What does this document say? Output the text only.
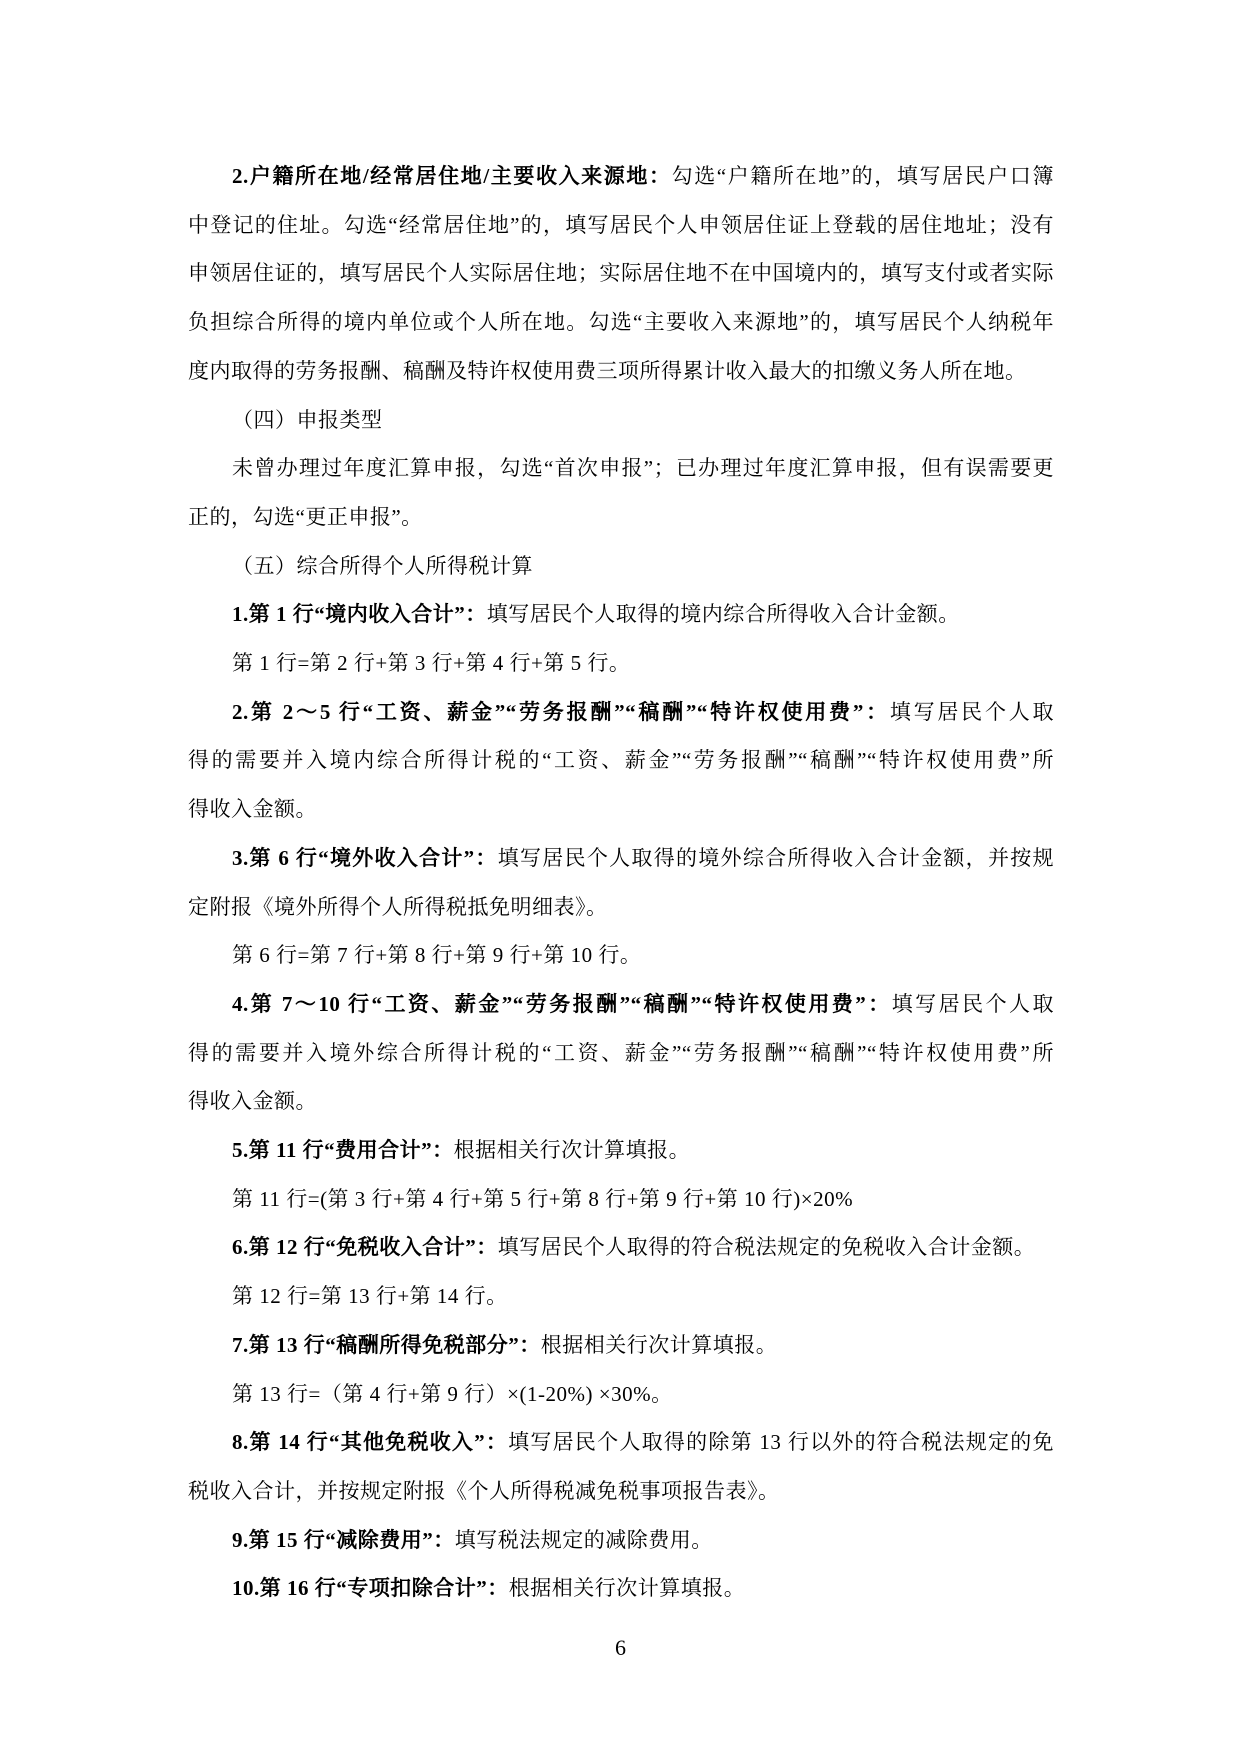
2.户籍所在地/经常居住地/主要收入来源地：勾选“户籍所在地”的，填写居民户口簿
中登记的住址。勾选“经常居住地”的，填写居民个人申领居住证上登载的居住地址；没有
申领居住证的，填写居民个人实际居住地；实际居住地不在中国境内的，填写支付或者实际
负担综合所得的境内单位或个人所在地。勾选“主要收入来源地”的，填写居民个人纳税年
度内取得的劳务报酬、稿酬及特许权使用费三项所得累计收入最大的扣缴义务人所在地。
（四）申报类型
未曾办理过年度汇算申报，勾选“首次申报”；已办理过年度汇算申报，但有误需要更
正的，勾选“更正申报”。
（五）综合所得个人所得税计算
1.第 1 行“境内收入合计”：填写居民个人取得的境内综合所得收入合计金额。
第 1 行=第 2 行+第 3 行+第 4 行+第 5 行。
2.第 2～5 行“工资、薪金”“劳务报酬”“稿酬”“特许权使用费”：填写居民个人取
得的需要并入境内综合所得计税的“工资、薪金”“劳务报酬”“稿酬”“特许权使用费”所
得收入金额。
3.第 6 行“境外收入合计”：填写居民个人取得的境外综合所得收入合计金额，并按规
定附报《境外所得个人所得税抵免明细表》。
第 6 行=第 7 行+第 8 行+第 9 行+第 10 行。
4.第 7～10 行“工资、薪金”“劳务报酬”“稿酬”“特许权使用费”：填写居民个人取
得的需要并入境外综合所得计税的“工资、薪金”“劳务报酬”“稿酬”“特许权使用费”所
得收入金额。
5.第 11 行“费用合计”：根据相关行次计算填报。
第 11 行=(第 3 行+第 4 行+第 5 行+第 8 行+第 9 行+第 10 行)×20%
6.第 12 行“免税收入合计”：填写居民个人取得的符合税法规定的免税收入合计金额。
第 12 行=第 13 行+第 14 行。
7.第 13 行“稿酬所得免税部分”：根据相关行次计算填报。
第 13 行=（第 4 行+第 9 行）×(1-20%) ×30%。
8.第 14 行“其他免税收入”：填写居民个人取得的除第 13 行以外的符合税法规定的免
税收入合计，并按规定附报《个人所得税减免税事项报告表》。
9.第 15 行“减除费用”：填写税法规定的减除费用。
10.第 16 行“专项扣除合计”：根据相关行次计算填报。
6
